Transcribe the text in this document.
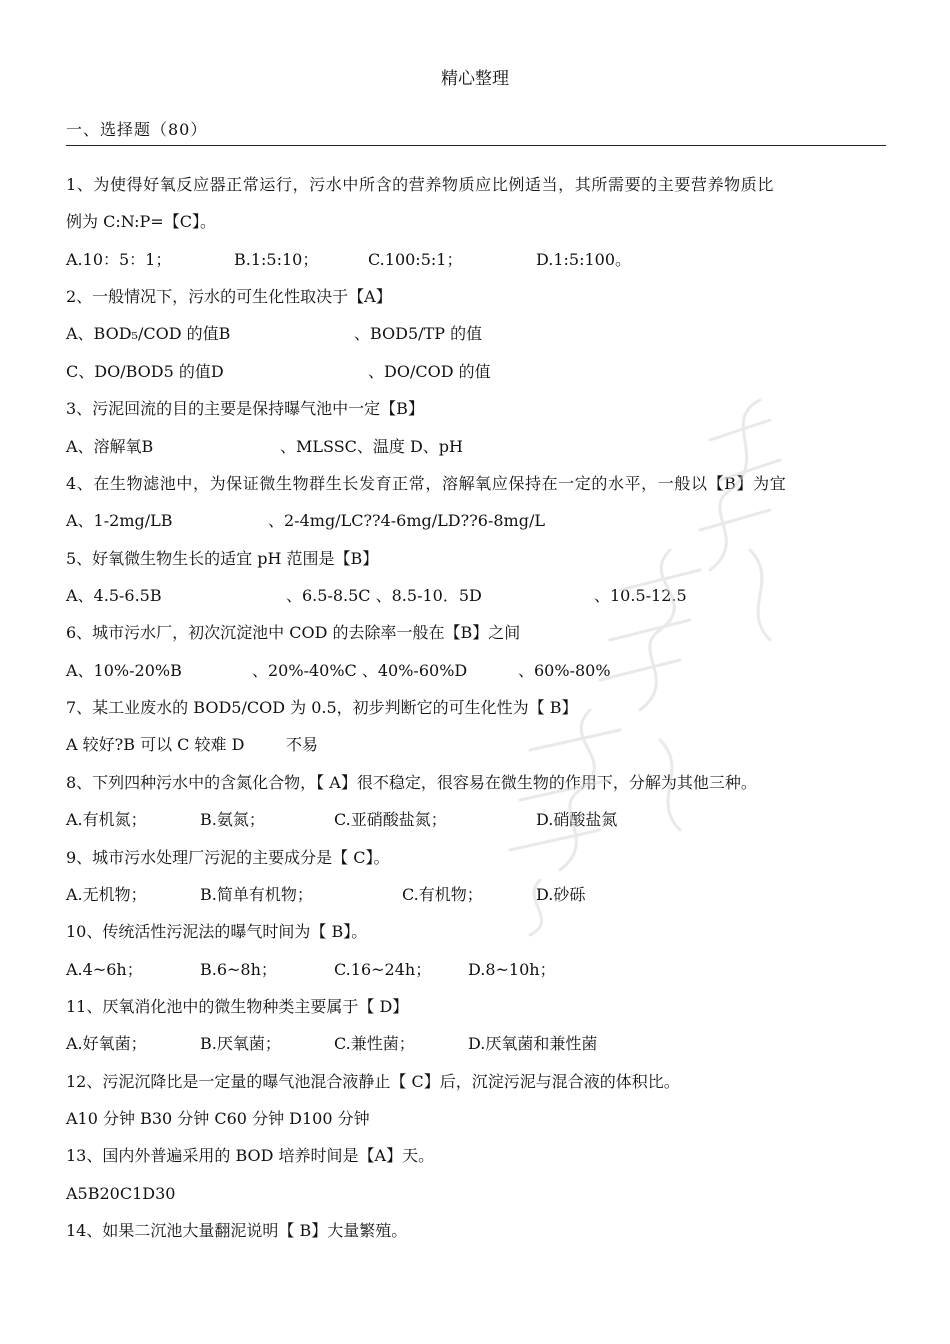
精心整理
一、选择题（80）
1、为使得好氧反应器正常运行，污水中所含的营养物质应比例适当，其所需要的主要营养物质比
例为 C:N:P=【C】。
A.10：5：1；	B.1:5:10；	C.100:5:1；	D.1:5:100。
2、一般情况下，污水的可生化性取决于【A】
A、BOD₅/COD 的值B	、BOD5/TP 的值
C、DO/BOD5 的值D	、DO/COD 的值
3、污泥回流的目的主要是保持曝气池中一定【B】
A、溶解氧B	、MLSSC、温度 D、pH
4、在生物滤池中，为保证微生物群生长发育正常，溶解氧应保持在一定的水平，一般以【B】为宜
A、1-2mg/LB	、2-4mg/LC??4-6mg/LD??6-8mg/L
5、好氧微生物生长的适宜 pH 范围是【B】
A、4.5-6.5B	、6.5-8.5C 、8.5-10．5D	、10.5-12.5
6、城市污水厂，初次沉淀池中 COD 的去除率一般在【B】之间
A、10%-20%B	、20%-40%C 、40%-60%D	、60%-80%
7、某工业废水的 BOD5/COD 为 0.5，初步判断它的可生化性为【 B】
A 较好?B 可以 C 较难 D	不易
8、下列四种污水中的含氮化合物，【 A】很不稳定，很容易在微生物的作用下，分解为其他三种。
A.有机氮；	B.氨氮；	C.亚硝酸盐氮；	D.硝酸盐氮
9、城市污水处理厂污泥的主要成分是【 C】。
A.无机物；	B.简单有机物；	C.有机物；	D.砂砾
10、传统活性污泥法的曝气时间为【 B】。
A.4~6h；	B.6~8h；	C.16~24h； D.8~10h；
11、厌氧消化池中的微生物种类主要属于【 D】
A.好氧菌；	B.厌氧菌；	C.兼性菌；	D.厌氧菌和兼性菌
12、污泥沉降比是一定量的曝气池混合液静止【 C】后，沉淀污泥与混合液的体积比。
A10 分钟 B30 分钟 C60 分钟 D100 分钟
13、国内外普遍采用的 BOD 培养时间是【A】天。
A5B20C1D30
14、如果二沉池大量翻泥说明【 B】大量繁殖。
